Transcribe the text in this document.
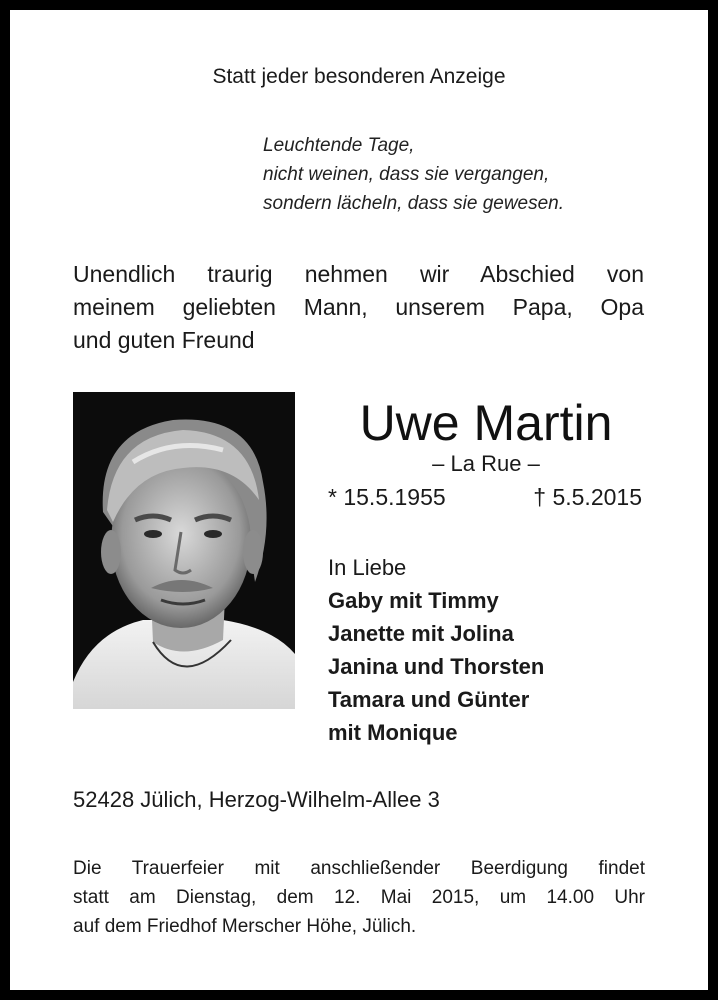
Statt jeder besonderen Anzeige
Leuchtende Tage,
nicht weinen, dass sie vergangen,
sondern lächeln, dass sie gewesen.
Unendlich traurig nehmen wir Abschied von
meinem geliebten Mann, unserem Papa, Opa
und guten Freund
Uwe Martin
– La Rue –
* 15.5.1955	† 5.5.2015
In Liebe
Gaby mit Timmy
Janette mit Jolina
Janina und Thorsten
Tamara und Günter
mit Monique
52428 Jülich, Herzog-Wilhelm-Allee 3
Die Trauerfeier mit anschließender Beerdigung findet
statt am Dienstag, dem 12. Mai 2015, um 14.00 Uhr
auf dem Friedhof Merscher Höhe, Jülich.
